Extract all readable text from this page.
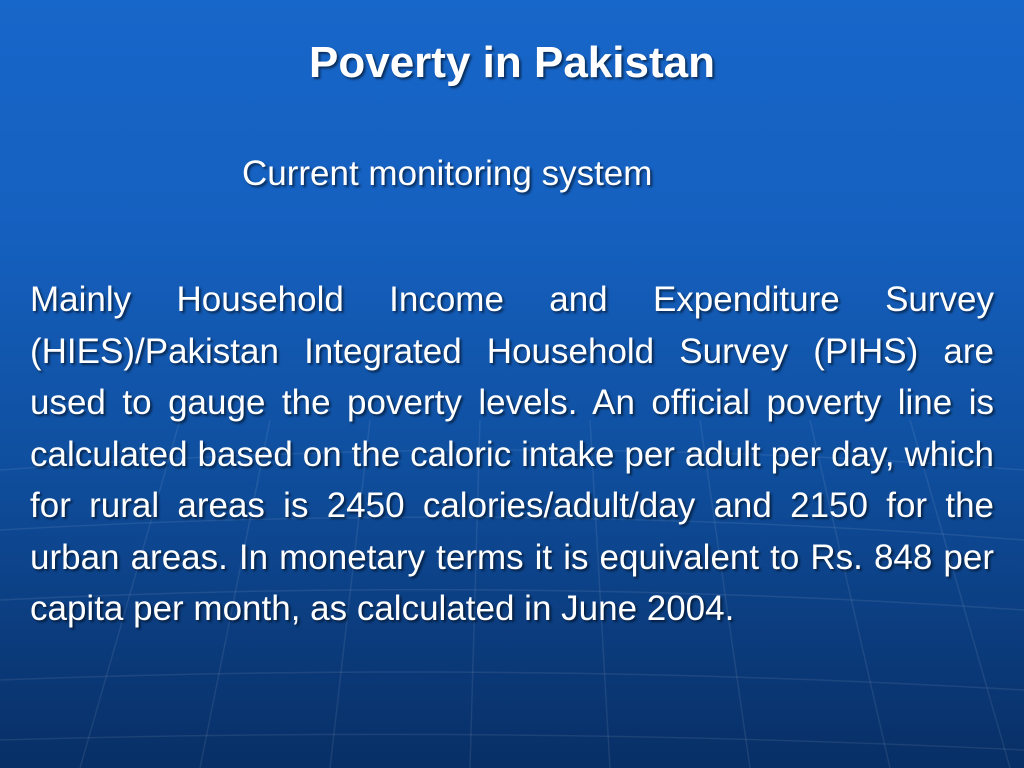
Poverty in Pakistan
Current monitoring system

Mainly Household Income and Expenditure Survey (HIES)/Pakistan Integrated Household Survey (PIHS) are used to gauge the poverty levels. An official poverty line is calculated based on the caloric intake per adult per day, which for rural areas is 2450 calories/adult/day and 2150 for the urban areas. In monetary terms it is equivalent to Rs. 848 per capita per month, as calculated in June 2004.
